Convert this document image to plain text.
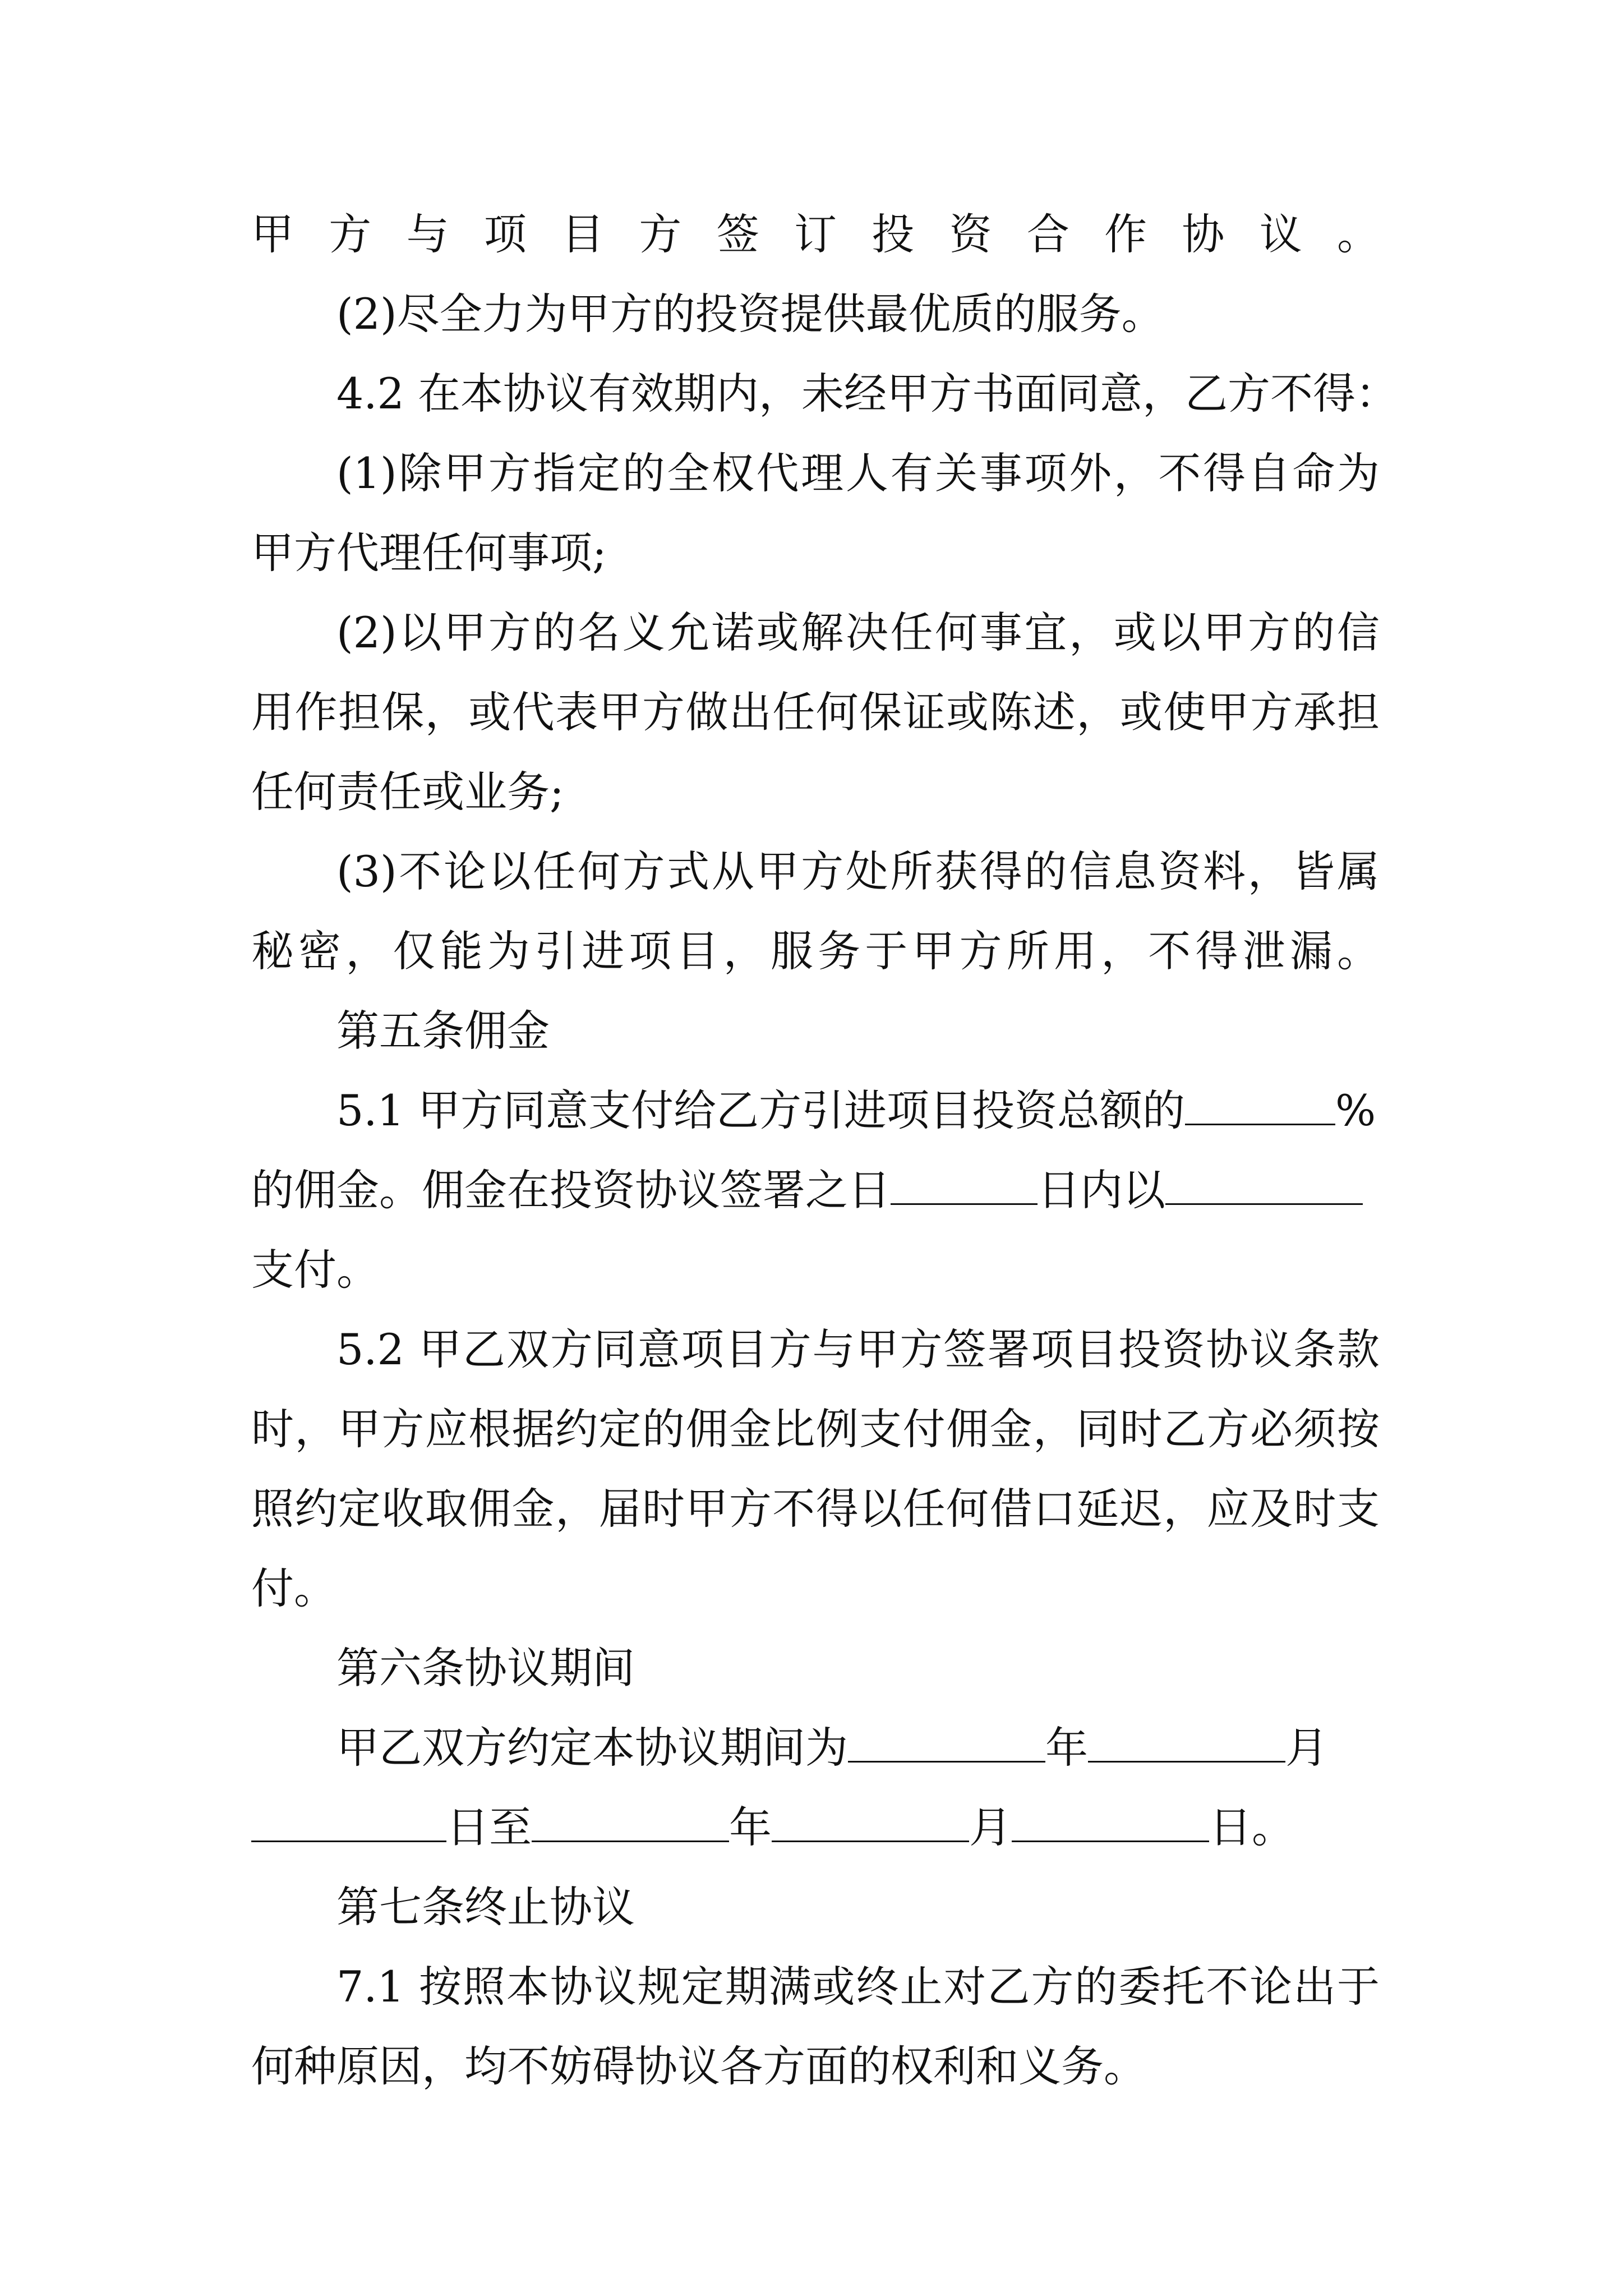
甲方与项目方签订投资合作协议。
(2)尽全力为甲方的投资提供最优质的服务。
4.2 在本协议有效期内，未经甲方书面同意，乙方不得：
(1)除甲方指定的全权代理人有关事项外，不得自命为
甲方代理任何事项;
(2)以甲方的名义允诺或解决任何事宜，或以甲方的信
用作担保，或代表甲方做出任何保证或陈述，或使甲方承担
任何责任或业务;
(3)不论以任何方式从甲方处所获得的信息资料，皆属
秘密，仅能为引进项目，服务于甲方所用，不得泄漏。
第五条佣金
5.1 甲方同意支付给乙方引进项目投资总额的	%
的佣金。佣金在投资协议签署之日	日内以
支付。
5.2 甲乙双方同意项目方与甲方签署项目投资协议条款
时，甲方应根据约定的佣金比例支付佣金，同时乙方必须按
照约定收取佣金，届时甲方不得以任何借口延迟，应及时支
付。
第六条协议期间
甲乙双方约定本协议期间为	年	月
日至	年	月	日。
第七条终止协议
7.1 按照本协议规定期满或终止对乙方的委托不论出于
何种原因，均不妨碍协议各方面的权利和义务。
